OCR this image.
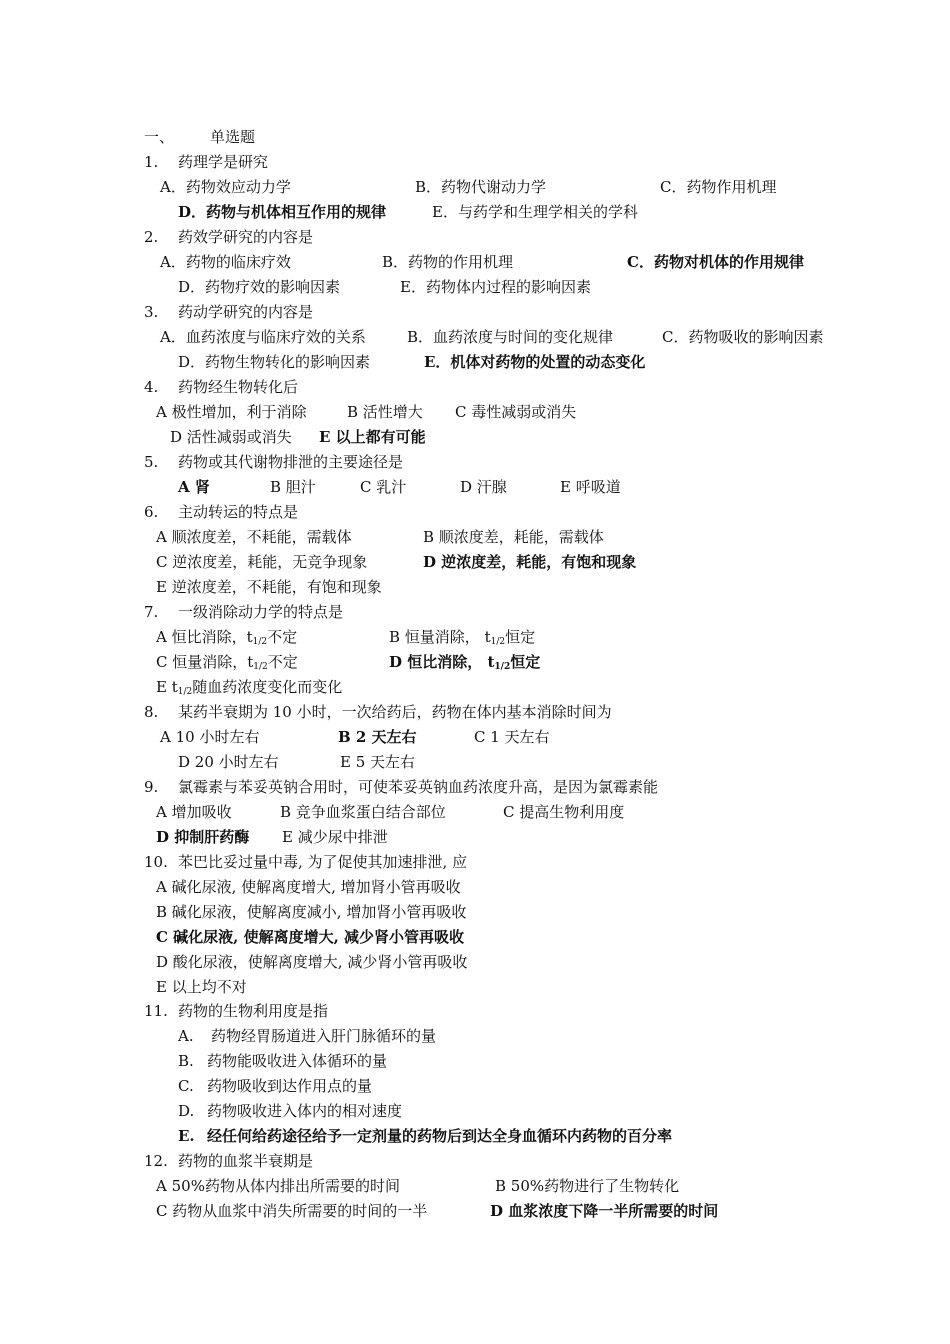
一、 单选题
1. 药理学是研究
A．药物效应动力学	B．药物代谢动力学	C．药物作用机理
D．药物与机体相互作用的规律	E．与药学和生理学相关的学科
2. 药效学研究的内容是
A．药物的临床疗效	B．药物的作用机理	C．药物对机体的作用规律
D．药物疗效的影响因素	E．药物体内过程的影响因素
3. 药动学研究的内容是
A．血药浓度与临床疗效的关系	B．血药浓度与时间的变化规律	C．药物吸收的影响因素
D．药物生物转化的影响因素	E．机体对药物的处置的动态变化
4. 药物经生物转化后
A 极性增加，利于消除	B 活性增大 C 毒性减弱或消失
D 活性减弱或消失 E 以上都有可能
5. 药物或其代谢物排泄的主要途径是
A 肾	B 胆汁	C 乳汁	D 汗腺	E 呼吸道
6. 主动转运的特点是
A 顺浓度差，不耗能，需载体	B 顺浓度差，耗能，需载体
C 逆浓度差，耗能，无竞争现象	D 逆浓度差，耗能，有饱和现象
E 逆浓度差，不耗能，有饱和现象
7. 一级消除动力学的特点是
A 恒比消除，$t_{1/2}$不定	B 恒量消除， $t_{1/2}$恒定
C 恒量消除，$t_{1/2}$不定	D 恒比消除， $t_{1/2}$恒定
E $t_{1/2}$随血药浓度变化而变化
8. 某药半衰期为 10 小时，一次给药后，药物在体内基本消除时间为
A 10 小时左右	B 2 天左右	C 1 天左右
D 20 小时左右	E 5 天左右
9. 氯霉素与苯妥英钠合用时，可使苯妥英钠血药浓度升高，是因为氯霉素能
A 增加吸收	B 竞争血浆蛋白结合部位	C 提高生物利用度
D 抑制肝药酶 E 减少尿中排泄
10. 苯巴比妥过量中毒, 为了促使其加速排泄, 应
A 碱化尿液, 使解离度增大, 增加肾小管再吸收
B 碱化尿液，使解离度减小, 增加肾小管再吸收
C 碱化尿液, 使解离度增大, 减少肾小管再吸收
D 酸化尿液，使解离度增大, 减少肾小管再吸收
E 以上均不对
11. 药物的生物利用度是指
A. 药物经胃肠道进入肝门脉循环的量
B. 药物能吸收进入体循环的量
C. 药物吸收到达作用点的量
D. 药物吸收进入体内的相对速度
E. 经任何给药途径给予一定剂量的药物后到达全身血循环内药物的百分率
12. 药物的血浆半衰期是
A 50%药物从体内排出所需要的时间	B 50%药物进行了生物转化
C 药物从血浆中消失所需要的时间的一半	D 血浆浓度下降一半所需要的时间
